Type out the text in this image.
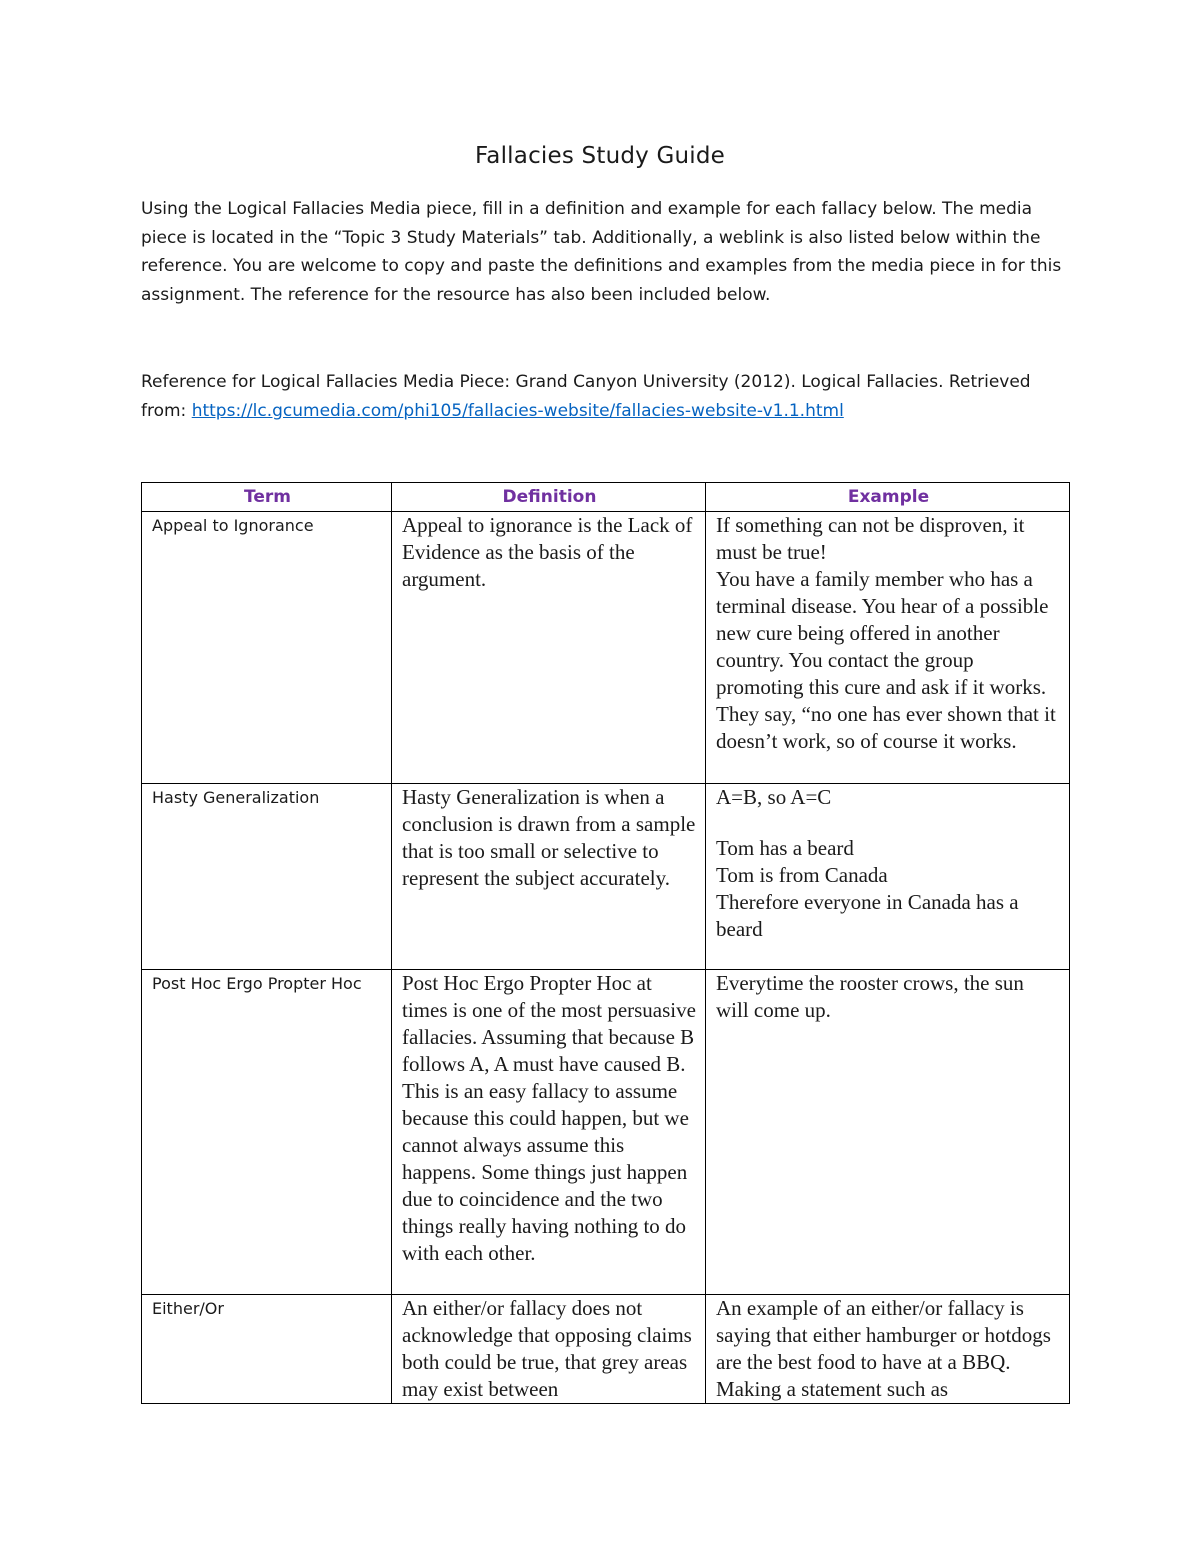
Fallacies Study Guide

Using the Logical Fallacies Media piece, fill in a definition and example for each fallacy below. The media piece is located in the “Topic 3 Study Materials” tab. Additionally, a weblink is also listed below within the reference. You are welcome to copy and paste the definitions and examples from the media piece in for this assignment. The reference for the resource has also been included below.

Reference for Logical Fallacies Media Piece: Grand Canyon University (2012). Logical Fallacies. Retrieved from: https://lc.gcumedia.com/phi105/fallacies-website/fallacies-website-v1.1.html

Term	Definition	Example
Appeal to Ignorance	Appeal to ignorance is the Lack of Evidence as the basis of the argument.	If something can not be disproven, it must be true!
You have a family member who has a terminal disease. You hear of a possible new cure being offered in another country. You contact the group promoting this cure and ask if it works. They say, “no one has ever shown that it doesn’t work, so of course it works.

Hasty Generalization	Hasty Generalization is when a conclusion is drawn from a sample that is too small or selective to represent the subject accurately.	A=B, so A=C
Tom has a beard
Tom is from Canada
Therefore everyone in Canada has a beard

Post Hoc Ergo Propter Hoc	Post Hoc Ergo Propter Hoc at times is one of the most persuasive fallacies. Assuming that because B follows A, A must have caused B. This is an easy fallacy to assume because this could happen, but we cannot always assume this happens. Some things just happen due to coincidence and the two things really having nothing to do with each other.	Everytime the rooster crows, the sun will come up.

Either/Or	An either/or fallacy does not acknowledge that opposing claims both could be true, that grey areas may exist between	An example of an either/or fallacy is saying that either hamburger or hotdogs are the best food to have at a BBQ. Making a statement such as
